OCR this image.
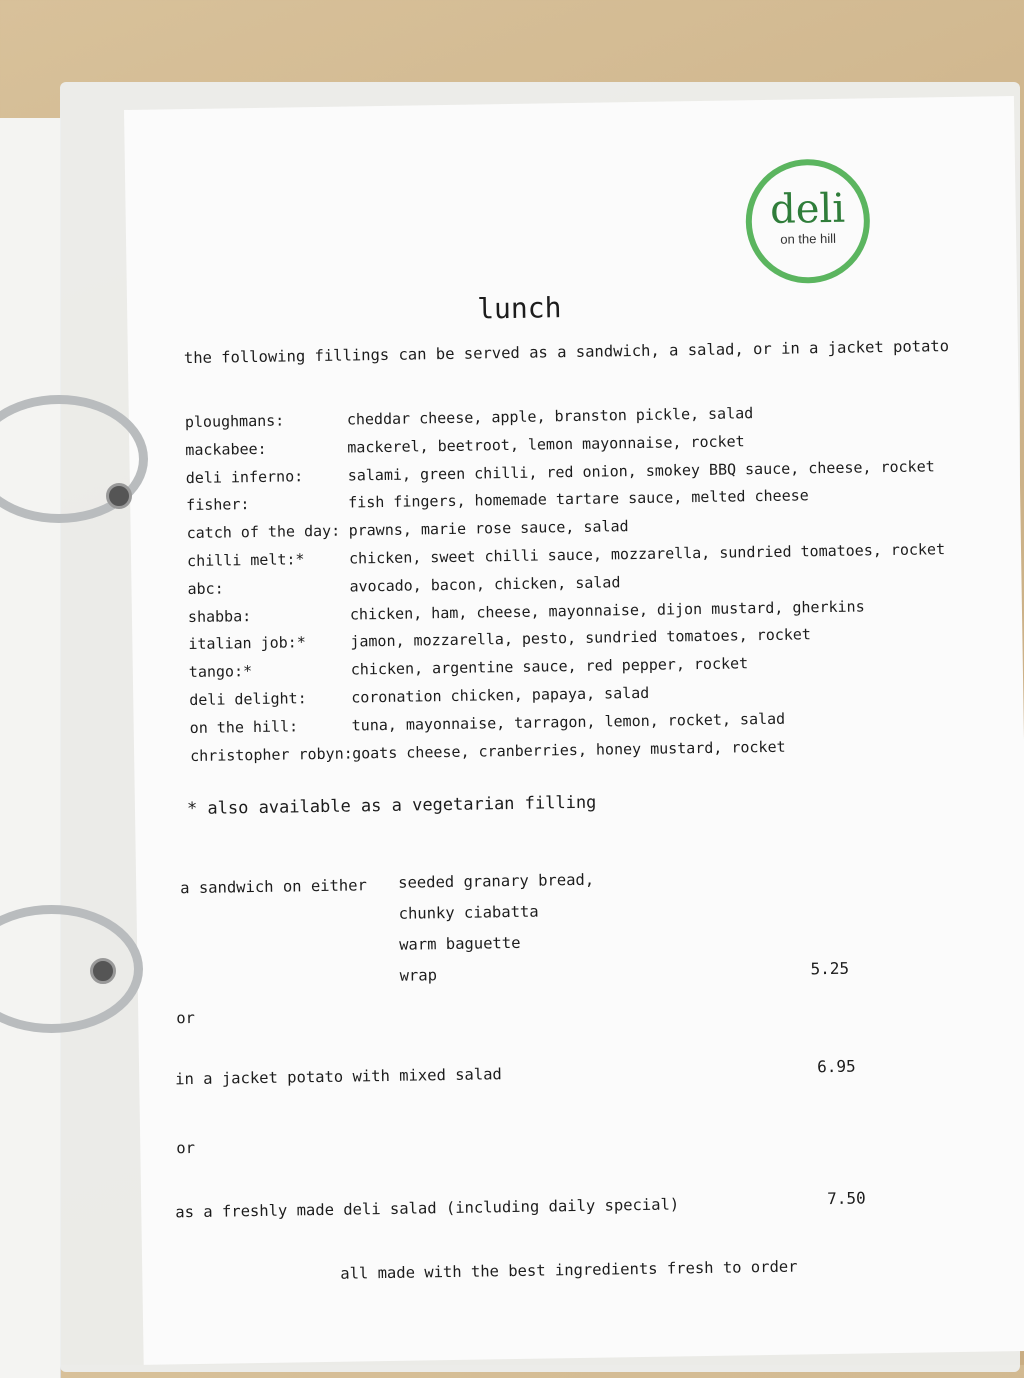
deli
on the hill
lunch
the following fillings can be served as a sandwich, a salad, or in a jacket potato
ploughmans:	cheddar cheese, apple, branston pickle, salad
mackabee:	mackerel, beetroot, lemon mayonnaise, rocket
deli inferno:	salami, green chilli, red onion, smokey BBQ sauce, cheese, rocket
fisher:	fish fingers, homemade tartare sauce, melted cheese
catch of the day: prawns, marie rose sauce, salad
chilli melt:*	chicken, sweet chilli sauce, mozzarella, sundried tomatoes, rocket
abc:	avocado, bacon, chicken, salad
shabba:	chicken, ham, cheese, mayonnaise, dijon mustard, gherkins
italian job:*	jamon, mozzarella, pesto, sundried tomatoes, rocket
tango:*	chicken, argentine sauce, red pepper, rocket
deli delight:	coronation chicken, papaya, salad
on the hill:	tuna, mayonnaise, tarragon, lemon, rocket, salad
christopher robyn:goats cheese, cranberries, honey mustard, rocket
* also available as a vegetarian filling
a sandwich on either seeded granary bread,
chunky ciabatta
warm baguette
wrap	5.25
or
in a jacket potato with mixed salad	6.95
or
as a freshly made deli salad (including daily special)	7.50
all made with the best ingredients fresh to order
